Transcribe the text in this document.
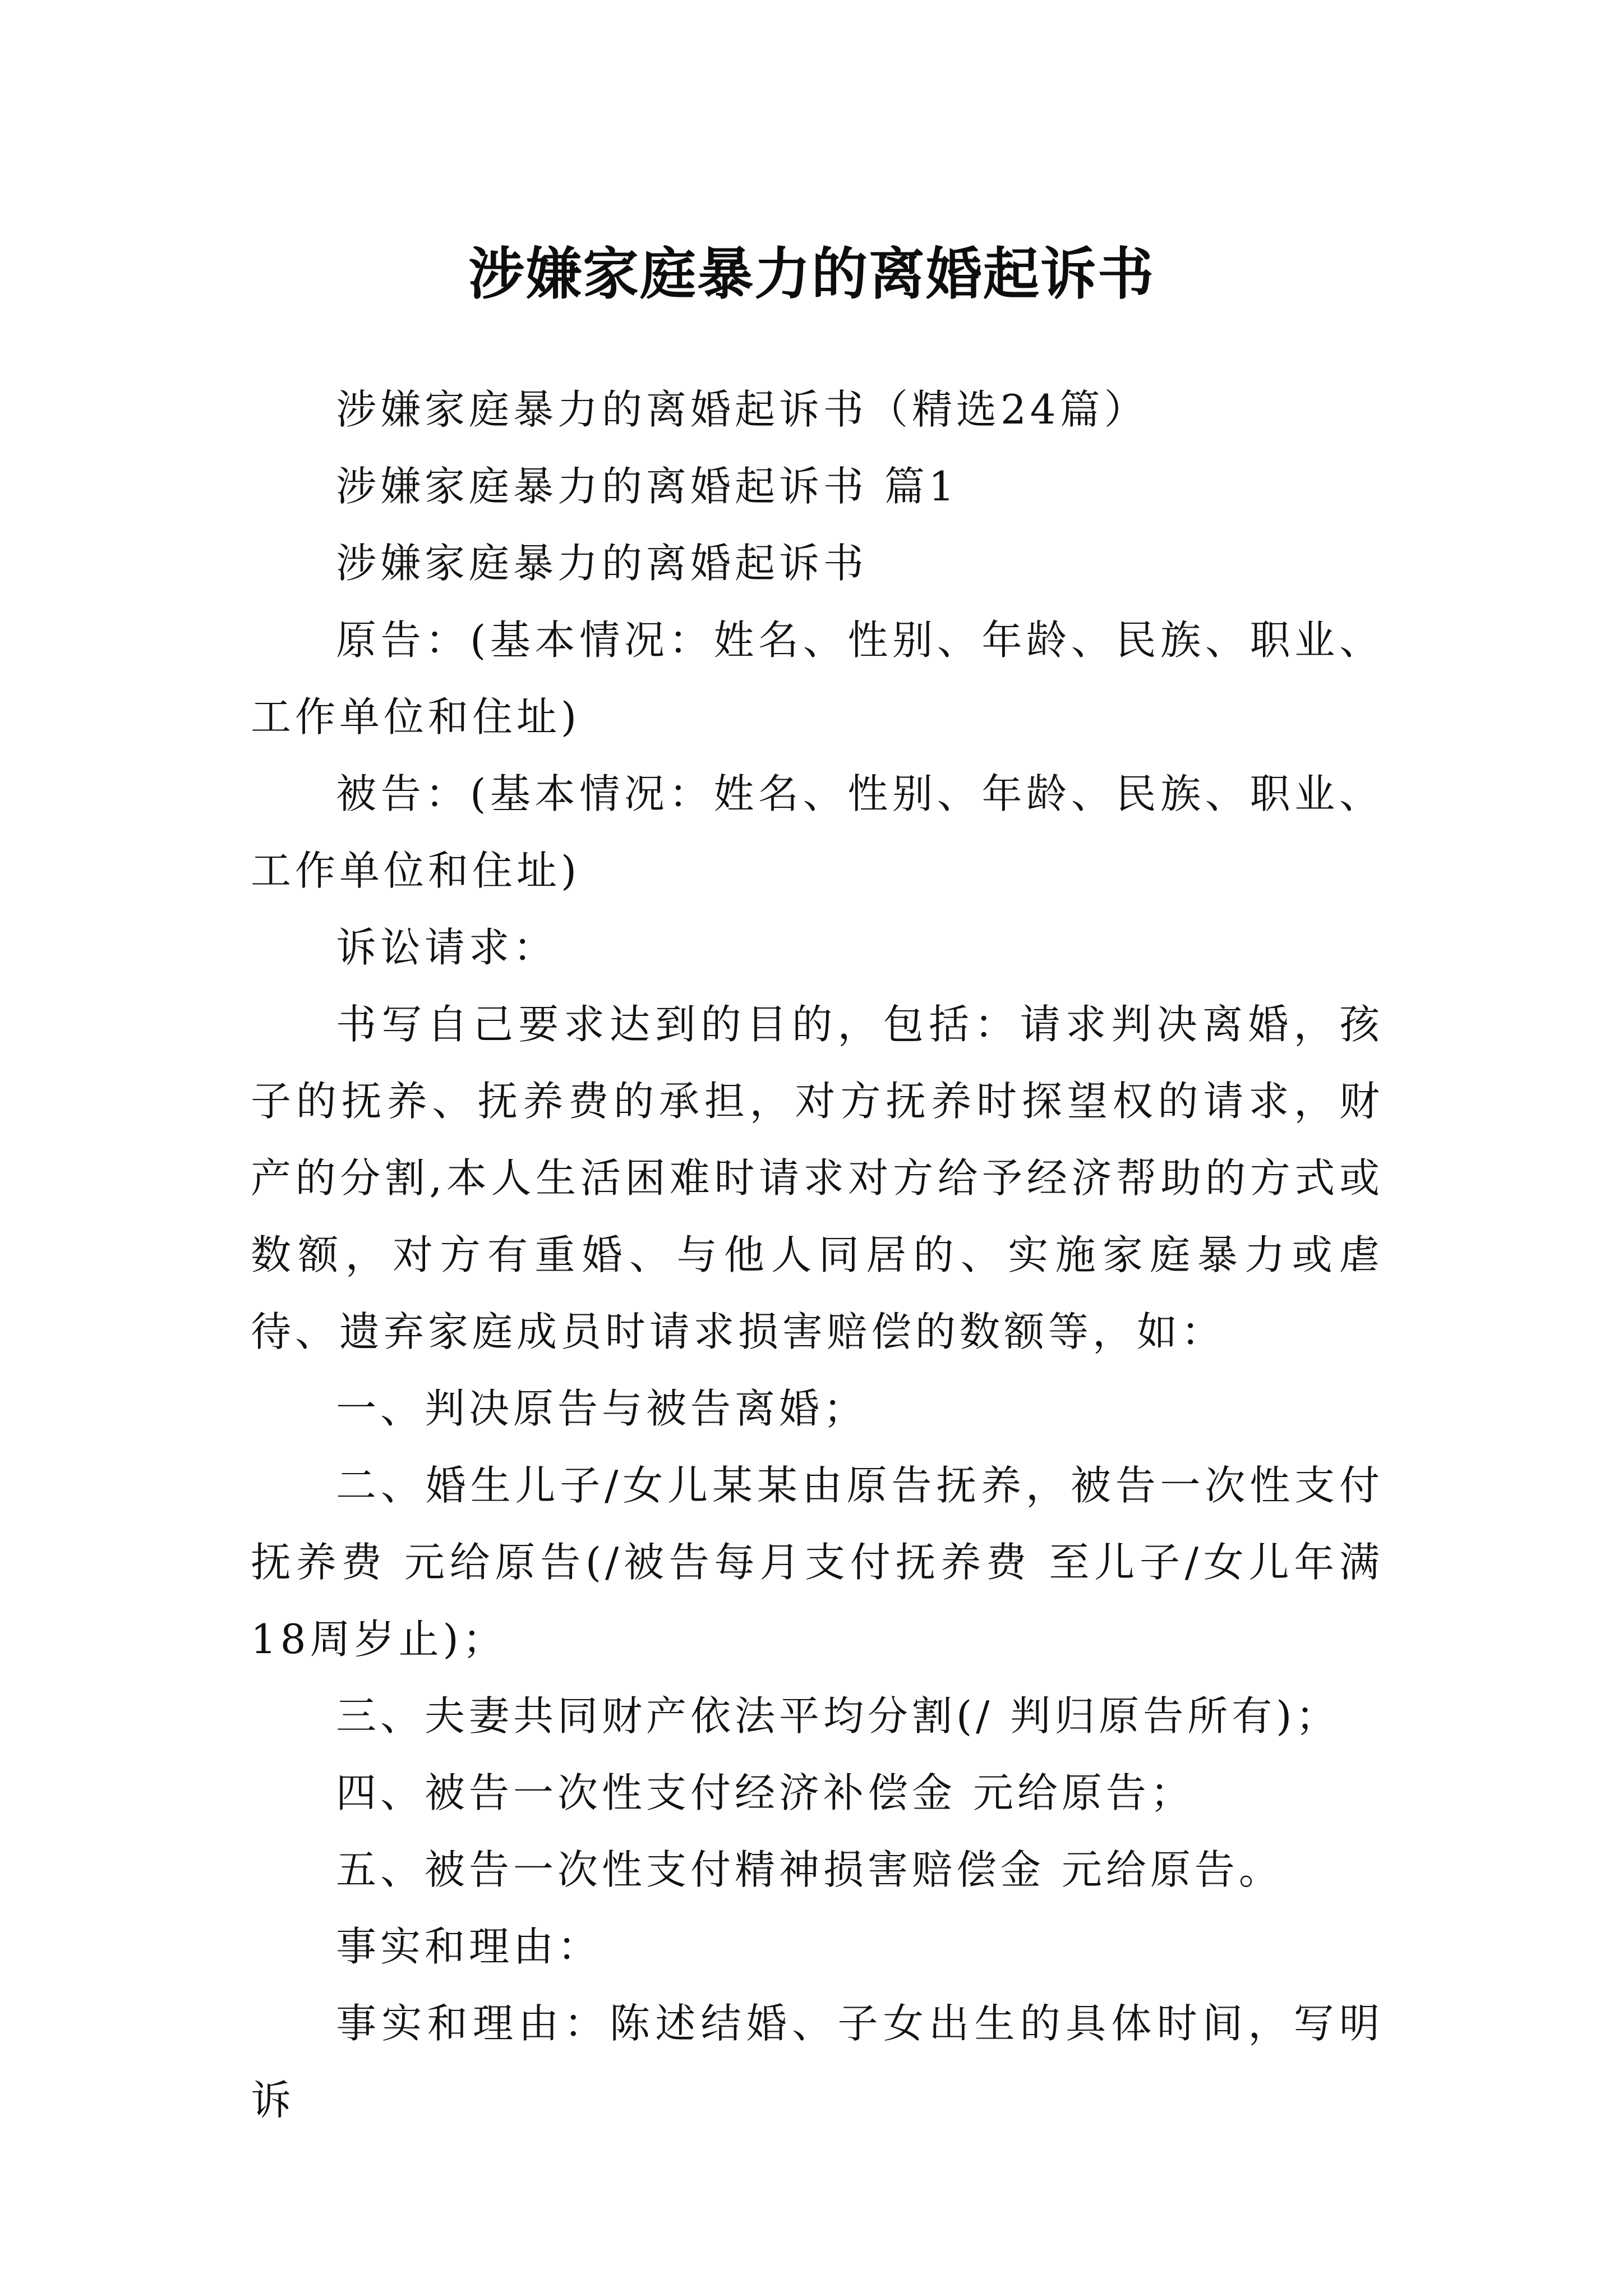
涉嫌家庭暴力的离婚起诉书

涉嫌家庭暴力的离婚起诉书（精选24篇）

涉嫌家庭暴力的离婚起诉书 篇1

涉嫌家庭暴力的离婚起诉书

原告：(基本情况：姓名、性别、年龄、民族、职业、工作单位和住址)

被告：(基本情况：姓名、性别、年龄、民族、职业、工作单位和住址)

诉讼请求：

书写自己要求达到的目的，包括：请求判决离婚，孩子的抚养、抚养费的承担，对方抚养时探望权的请求，财产的分割,本人生活困难时请求对方给予经济帮助的方式或数额，对方有重婚、与他人同居的、实施家庭暴力或虐待、遗弃家庭成员时请求损害赔偿的数额等，如：

一、判决原告与被告离婚；

二、婚生儿子/女儿某某由原告抚养，被告一次性支付抚养费 元给原告(/被告每月支付抚养费 至儿子/女儿年满18周岁止)；

三、夫妻共同财产依法平均分割(/ 判归原告所有)；

四、被告一次性支付经济补偿金 元给原告；

五、被告一次性支付精神损害赔偿金 元给原告。

事实和理由：

事实和理由：陈述结婚、子女出生的具体时间，写明诉
